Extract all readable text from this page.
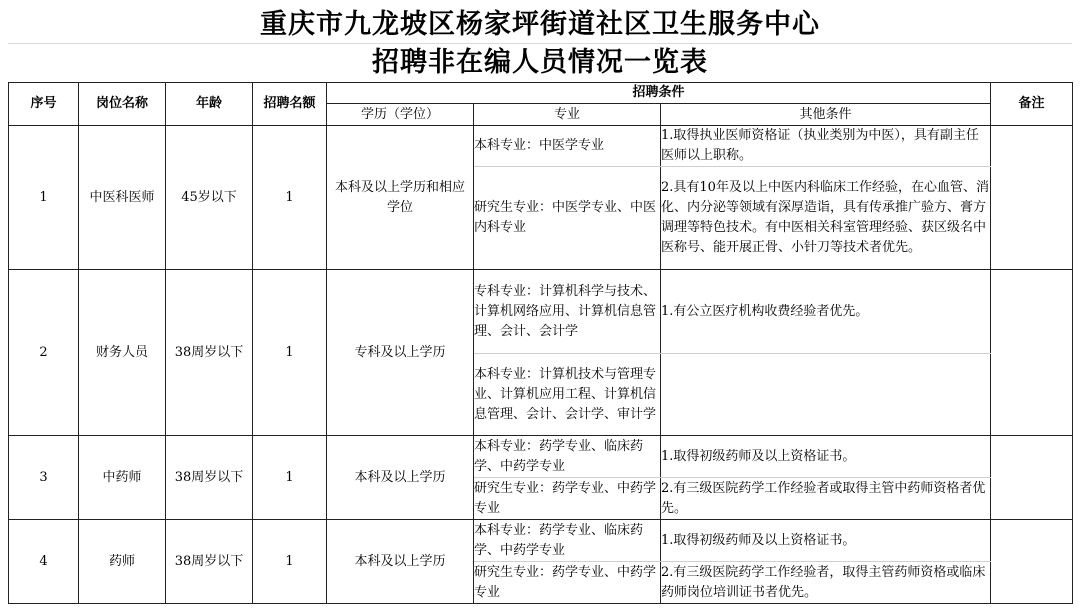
重庆市九龙坡区杨家坪街道社区卫生服务中心
招聘非在编人员情况一览表
序号	岗位名称	年龄	招聘名额	招聘条件			备注
				学历（学位）	专业	其他条件	
1	中医科医师	45岁以下	1	本科及以上学历和相应学位	本科专业：中医学专业	1.取得执业医师资格证（执业类别为中医），具有副主任医师以上职称。	
					研究生专业：中医学专业、中医内科专业	2.具有10年及以上中医内科临床工作经验，在心血管、消化、内分泌等领域有深厚造诣，具有传承推广验方、膏方调理等特色技术。有中医相关科室管理经验、获区级名中医称号、能开展正骨、小针刀等技术者优先。	
2	财务人员	38周岁以下	1	专科及以上学历	专科专业：计算机科学与技术、计算机网络应用、计算机信息管理、会计、会计学	1.有公立医疗机构收费经验者优先。	
					本科专业：计算机技术与管理专业、计算机应用工程、计算机信息管理、会计、会计学、审计学		
3	中药师	38周岁以下	1	本科及以上学历	本科专业：药学专业、临床药学、中药学专业	1.取得初级药师及以上资格证书。	
					研究生专业：药学专业、中药学专业	2.有三级医院药学工作经验者或取得主管中药师资格者优先。	
4	药师	38周岁以下	1	本科及以上学历	本科专业：药学专业、临床药学、中药学专业	1.取得初级药师及以上资格证书。	
					研究生专业：药学专业、中药学专业	2.有三级医院药学工作经验者，取得主管药师资格或临床药师岗位培训证书者优先。	
